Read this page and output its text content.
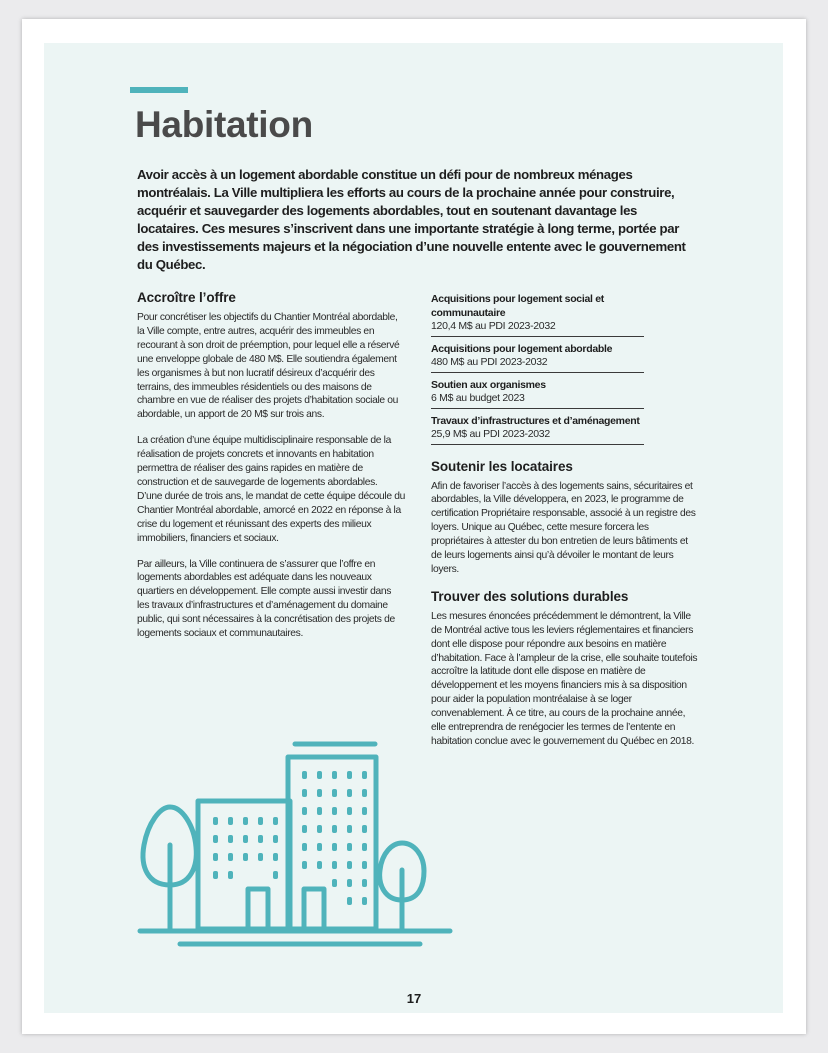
Habitation

Avoir accès à un logement abordable constitue un défi pour de nombreux ménages montréalais. La Ville multipliera les efforts au cours de la prochaine année pour construire, acquérir et sauvegarder des logements abordables, tout en soutenant davantage les locataires. Ces mesures s’inscrivent dans une importante stratégie à long terme, portée par des investissements majeurs et la négociation d’une nouvelle entente avec le gouvernement du Québec.

Accroître l’offre

Pour concrétiser les objectifs du Chantier Montréal abordable, la Ville compte, entre autres, acquérir des immeubles en recourant à son droit de préemption, pour lequel elle a réservé une enveloppe globale de 480 M$. Elle soutiendra également les organismes à but non lucratif désireux d’acquérir des terrains, des immeubles résidentiels ou des maisons de chambre en vue de réaliser des projets d’habitation sociale ou abordable, un apport de 20 M$ sur trois ans.

La création d’une équipe multidisciplinaire responsable de la réalisation de projets concrets et innovants en habitation permettra de réaliser des gains rapides en matière de construction et de sauvegarde de logements abordables. D’une durée de trois ans, le mandat de cette équipe découle du Chantier Montréal abordable, amorcé en 2022 en réponse à la crise du logement et réunissant des experts des milieux immobiliers, financiers et sociaux.

Par ailleurs, la Ville continuera de s’assurer que l’offre en logements abordables est adéquate dans les nouveaux quartiers en développement. Elle compte aussi investir dans les travaux d’infrastructures et d’aménagement du domaine public, qui sont nécessaires à la concrétisation des projets de logements sociaux et communautaires.

Acquisitions pour logement social et communautaire

120,4 M$ au PDI 2023-2032

Acquisitions pour logement abordable

480 M$ au PDI 2023-2032

Soutien aux organismes

6 M$ au budget 2023

Travaux d’infrastructures et d’aménagement

25,9 M$ au PDI 2023-2032

Soutenir les locataires

Afin de favoriser l’accès à des logements sains, sécuritaires et abordables, la Ville développera, en 2023, le programme de certification Propriétaire responsable, associé à un registre des loyers. Unique au Québec, cette mesure forcera les propriétaires à attester du bon entretien de leurs bâtiments et de leurs logements ainsi qu’à dévoiler le montant de leurs loyers.

Trouver des solutions durables

Les mesures énoncées précédemment le démontrent, la Ville de Montréal active tous les leviers réglementaires et financiers dont elle dispose pour répondre aux besoins en matière d’habitation. Face à l’ampleur de la crise, elle souhaite toutefois accroître la latitude dont elle dispose en matière de développement et les moyens financiers mis à sa disposition pour aider la population montréalaise à se loger convenablement. À ce titre, au cours de la prochaine année, elle entreprendra de renégocier les termes de l’entente en habitation conclue avec le gouvernement du Québec en 2018.

17
